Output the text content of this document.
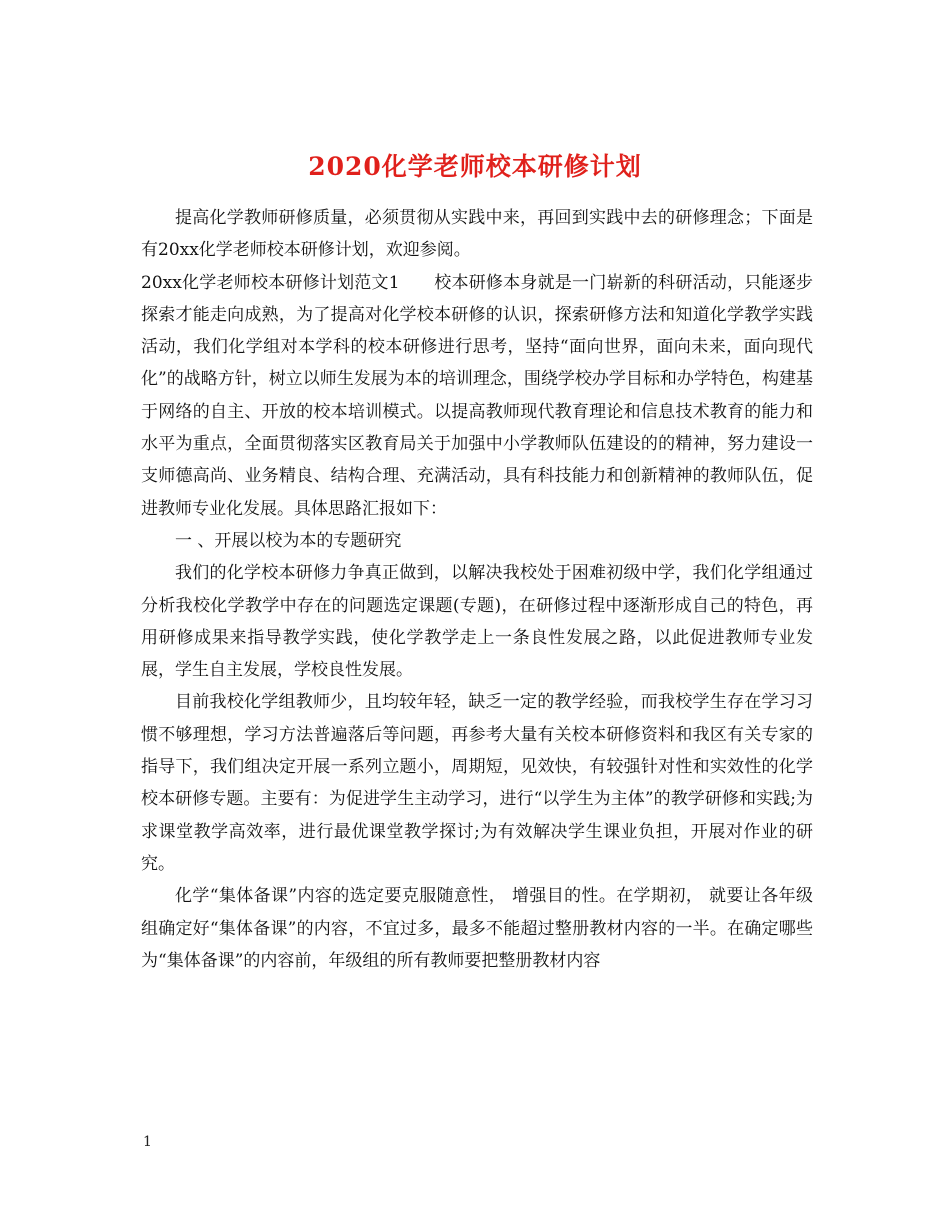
2020化学老师校本研修计划

提高化学教师研修质量，必须贯彻从实践中来，再回到实践中去的研修理念；下面是有20xx化学老师校本研修计划，欢迎参阅。

20xx化学老师校本研修计划范文1　　校本研修本身就是一门崭新的科研活动，只能逐步探索才能走向成熟，为了提高对化学校本研修的认识，探索研修方法和知道化学教学实践活动，我们化学组对本学科的校本研修进行思考，坚持“面向世界，面向未来，面向现代化”的战略方针，树立以师生发展为本的培训理念，围绕学校办学目标和办学特色，构建基于网络的自主、开放的校本培训模式。以提高教师现代教育理论和信息技术教育的能力和水平为重点，全面贯彻落实区教育局关于加强中小学教师队伍建设的的精神，努力建设一支师德高尚、业务精良、结构合理、充满活动，具有科技能力和创新精神的教师队伍，促进教师专业化发展。具体思路汇报如下：

一 、开展以校为本的专题研究

我们的化学校本研修力争真正做到，以解决我校处于困难初级中学，我们化学组通过分析我校化学教学中存在的问题选定课题(专题)，在研修过程中逐渐形成自己的特色，再用研修成果来指导教学实践，使化学教学走上一条良性发展之路，以此促进教师专业发展，学生自主发展，学校良性发展。

目前我校化学组教师少，且均较年轻，缺乏一定的教学经验，而我校学生存在学习习惯不够理想，学习方法普遍落后等问题，再参考大量有关校本研修资料和我区有关专家的指导下，我们组决定开展一系列立题小，周期短，见效快，有较强针对性和实效性的化学校本研修专题。主要有：为促进学生主动学习，进行“以学生为主体”的教学研修和实践;为求课堂教学高效率，进行最优课堂教学探讨;为有效解决学生课业负担，开展对作业的研究。

化学“集体备课”内容的选定要克服随意性， 增强目的性。在学期初， 就要让各年级组确定好“集体备课”的内容，不宜过多，最多不能超过整册教材内容的一半。在确定哪些为“集体备课”的内容前，年级组的所有教师要把整册教材内容

1
